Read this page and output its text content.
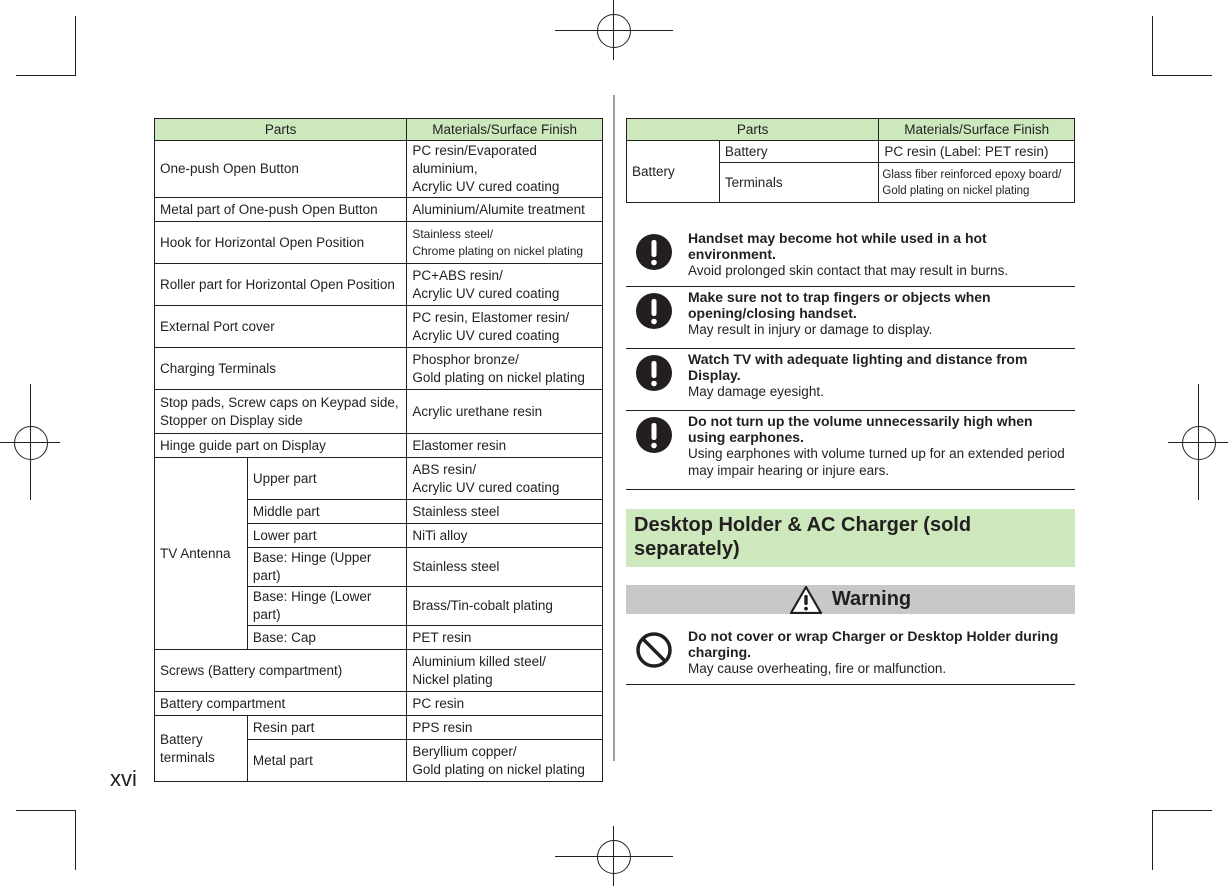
Parts		Materials/Surface Finish
One-push Open Button		PC resin/Evaporated aluminium,
Acrylic UV cured coating
Metal part of One-push Open Button		Aluminium/Alumite treatment
Hook for Horizontal Open Position		Stainless steel/
Chrome plating on nickel plating
Roller part for Horizontal Open Position		PC+ABS resin/
Acrylic UV cured coating
External Port cover		PC resin, Elastomer resin/
Acrylic UV cured coating
Charging Terminals		Phosphor bronze/
Gold plating on nickel plating
Stop pads, Screw caps on Keypad side,
Stopper on Display side		Acrylic urethane resin
Hinge guide part on Display		Elastomer resin
TV Antenna	Upper part	ABS resin/
Acrylic UV cured coating
	Middle part	Stainless steel
	Lower part	NiTi alloy
	Base: Hinge (Upper part)	Stainless steel
	Base: Hinge (Lower part)	Brass/Tin-cobalt plating
	Base: Cap	PET resin
Screws (Battery compartment)		Aluminium killed steel/
Nickel plating
Battery compartment		PC resin
Battery
terminals	Resin part	PPS resin
	Metal part	Beryllium copper/
Gold plating on nickel plating
Parts		Materials/Surface Finish
Battery	Battery	PC resin (Label: PET resin)
	Terminals	Glass fiber reinforced epoxy board/
Gold plating on nickel plating
Handset may become hot while used in a hot
environment.
Avoid prolonged skin contact that may result in burns.
Make sure not to trap fingers or objects when
opening/closing handset.
May result in injury or damage to display.
Watch TV with adequate lighting and distance from
Display.
May damage eyesight.
Do not turn up the volume unnecessarily high when
using earphones.
Using earphones with volume turned up for an extended period
may impair hearing or injure ears.
Desktop Holder & AC Charger (sold
separately)
Warning
Do not cover or wrap Charger or Desktop Holder during
charging.
May cause overheating, fire or malfunction.
xvi
